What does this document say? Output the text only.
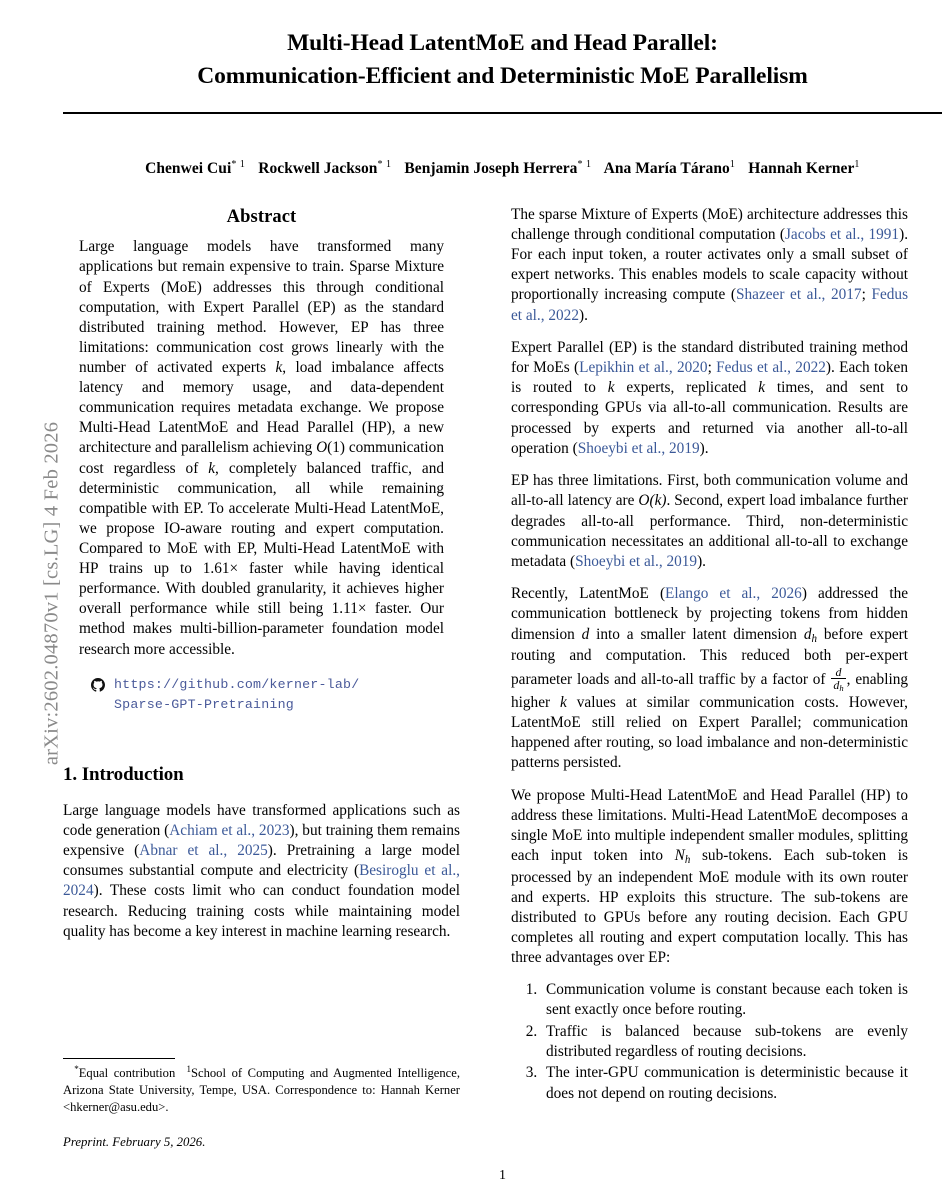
arXiv:2602.04870v1 [cs.LG] 4 Feb 2026
Multi-Head LatentMoE and Head Parallel:
Communication-Efficient and Deterministic MoE Parallelism
Chenwei Cui$^{* 1}$ Rockwell Jackson$^{* 1}$ Benjamin Joseph Herrera$^{* 1}$ Ana María Tárano$^1$ Hannah Kerner$^1$
Abstract

Large language models have transformed many applications but remain expensive to train. Sparse Mixture of Experts (MoE) addresses this through conditional computation, with Expert Parallel (EP) as the standard distributed training method. However, EP has three limitations: communication cost grows linearly with the number of activated experts k, load imbalance affects latency and memory usage, and data-dependent communication requires metadata exchange. We propose Multi-Head LatentMoE and Head Parallel (HP), a new architecture and parallelism achieving O(1) communication cost regardless of k, completely balanced traffic, and deterministic communication, all while remaining compatible with EP. To accelerate Multi-Head LatentMoE, we propose IO-aware routing and expert computation. Compared to MoE with EP, Multi-Head LatentMoE with HP trains up to 1.61× faster while having identical performance. With doubled granularity, it achieves higher overall performance while still being 1.11× faster. Our method makes multi-billion-parameter foundation model research more accessible.

https://github.com/kerner-lab/
Sparse-GPT-Pretraining
1. Introduction

Large language models have transformed applications such as code generation (Achiam et al., 2023), but training them remains expensive (Abnar et al., 2025). Pretraining a large model consumes substantial compute and electricity (Besiroglu et al., 2024). These costs limit who can conduct foundation model research. Reducing training costs while maintaining model quality has become a key interest in machine learning research.

The sparse Mixture of Experts (MoE) architecture addresses this challenge through conditional computation (Jacobs et al., 1991). For each input token, a router activates only a small subset of expert networks. This enables models to scale capacity without proportionally increasing compute (Shazeer et al., 2017; Fedus et al., 2022).

Expert Parallel (EP) is the standard distributed training method for MoEs (Lepikhin et al., 2020; Fedus et al., 2022). Each token is routed to k experts, replicated k times, and sent to corresponding GPUs via all-to-all communication. Results are processed by experts and returned via another all-to-all operation (Shoeybi et al., 2019).

EP has three limitations. First, both communication volume and all-to-all latency are O(k). Second, expert load imbalance further degrades all-to-all performance. Third, non-deterministic communication necessitates an additional all-to-all to exchange metadata (Shoeybi et al., 2019).

Recently, LatentMoE (Elango et al., 2026) addressed the communication bottleneck by projecting tokens from hidden dimension d into a smaller latent dimension $d_h$ before expert routing and computation. This reduced both per-expert parameter loads and all-to-all traffic by a factor of $\frac{d}{d_h}$ , enabling higher k values at similar communication costs. However, LatentMoE still relied on Expert Parallel; communication happened after routing, so load imbalance and non-deterministic patterns persisted.

We propose Multi-Head LatentMoE and Head Parallel (HP) to address these limitations. Multi-Head LatentMoE decomposes a single MoE into multiple independent smaller modules, splitting each input token into $N_h$ sub-tokens. Each sub-token is processed by an independent MoE module with its own router and experts. HP exploits this structure. The sub-tokens are distributed to GPUs before any routing decision. Each GPU completes all routing and expert computation locally. This has three advantages over EP:

1. Communication volume is constant because each token is sent exactly once before routing.
2. Traffic is balanced because sub-tokens are evenly distributed regardless of routing decisions.
3. The inter-GPU communication is deterministic because it does not depend on routing decisions.

*Equal contribution $^1$School of Computing and Augmented Intelligence, Arizona State University, Tempe, USA. Correspondence to: Hannah Kerner <hkerner@asu.edu>.

Preprint. February 5, 2026.

1
